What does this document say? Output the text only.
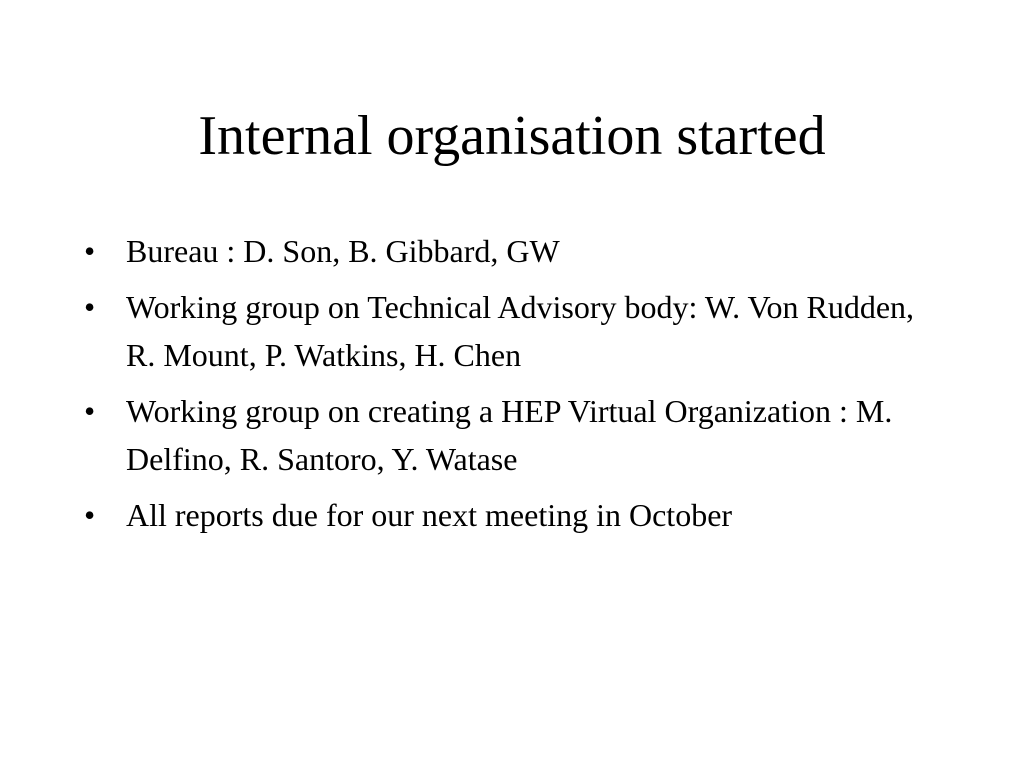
Internal organisation started
• Bureau : D. Son, B. Gibbard, GW
• Working group on Technical Advisory body: W. Von Rudden, R. Mount, P. Watkins, H. Chen
• Working group on creating a HEP Virtual Organization : M. Delfino, R. Santoro, Y. Watase
• All reports due for our next meeting in October
